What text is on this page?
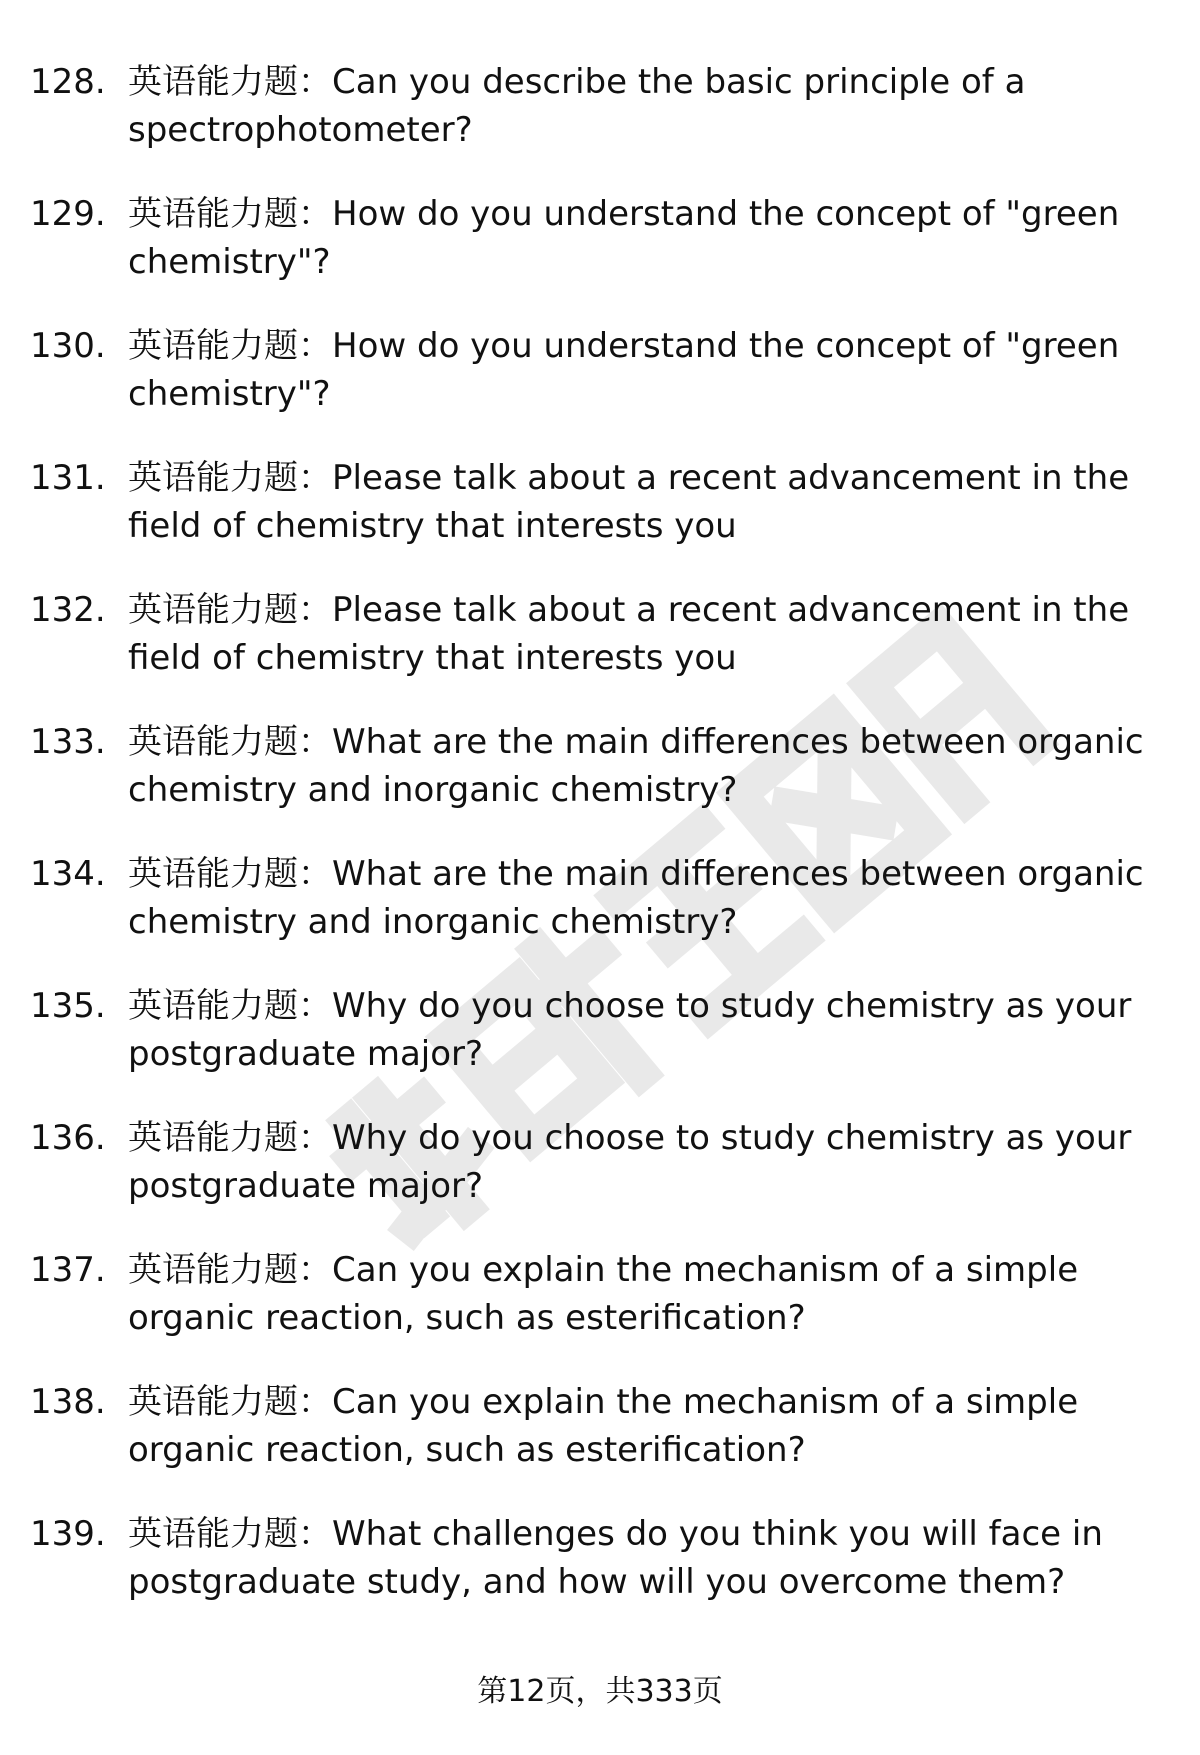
128. 英语能力题：Can you describe the basic principle of a spectrophotometer?
129. 英语能力题：How do you understand the concept of "green chemistry"?
130. 英语能力题：How do you understand the concept of "green chemistry"?
131. 英语能力题：Please talk about a recent advancement in the field of chemistry that interests you
132. 英语能力题：Please talk about a recent advancement in the field of chemistry that interests you
133. 英语能力题：What are the main differences between organic chemistry and inorganic chemistry?
134. 英语能力题：What are the main differences between organic chemistry and inorganic chemistry?
135. 英语能力题：Why do you choose to study chemistry as your postgraduate major?
136. 英语能力题：Why do you choose to study chemistry as your postgraduate major?
137. 英语能力题：Can you explain the mechanism of a simple organic reaction, such as esterification?
138. 英语能力题：Can you explain the mechanism of a simple organic reaction, such as esterification?
139. 英语能力题：What challenges do you think you will face in postgraduate study, and how will you overcome them?
第12页，共333页
